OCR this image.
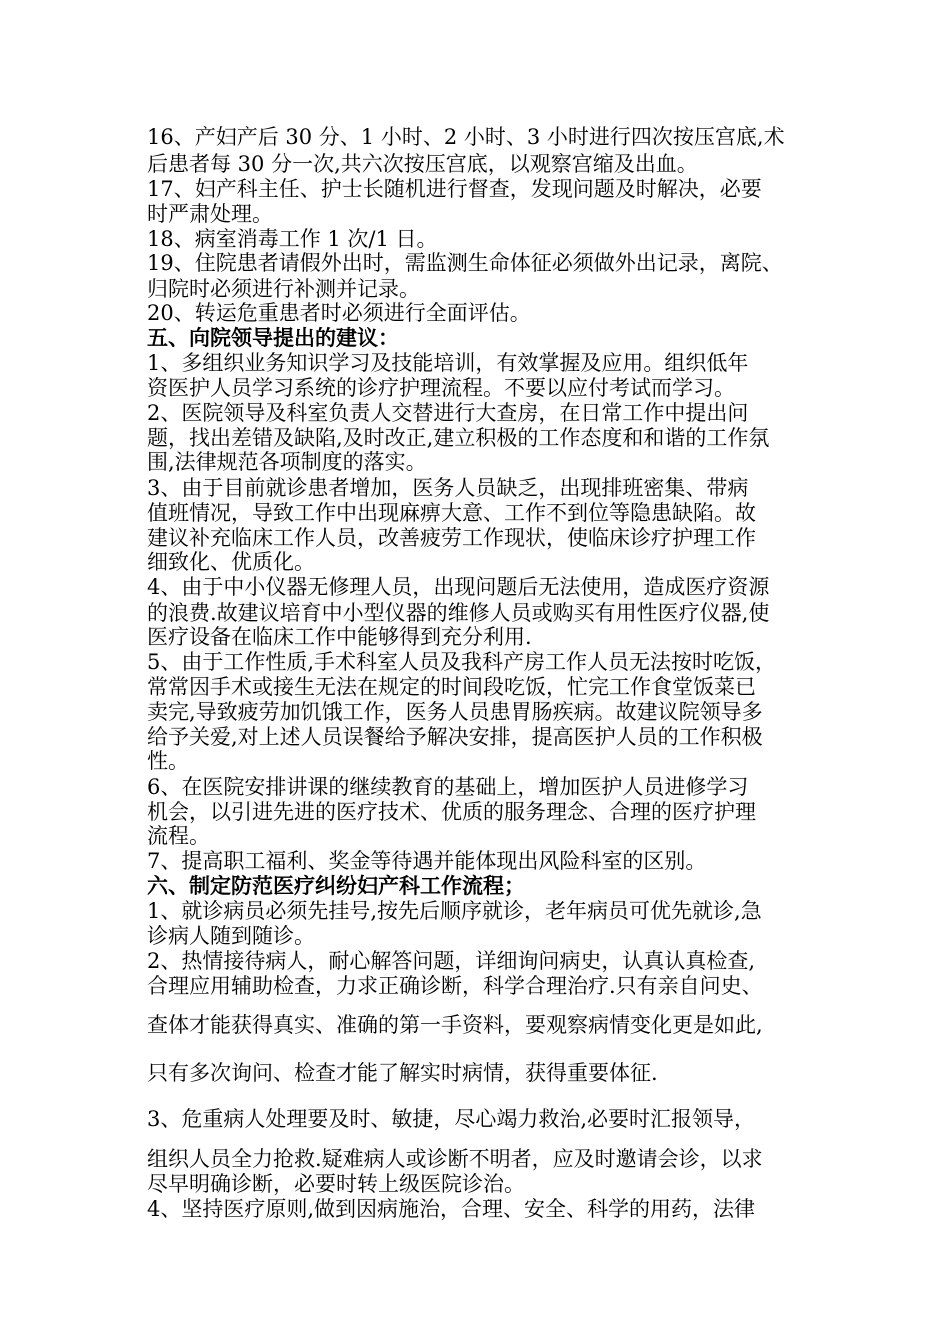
16、产妇产后 30 分、1 小时、2 小时、3 小时进行四次按压宫底,术
后患者每 30 分一次,共六次按压宫底，以观察宫缩及出血。
17、妇产科主任、护士长随机进行督查，发现问题及时解决，必要
时严肃处理。
18、病室消毒工作 1 次/1 日。
19、住院患者请假外出时，需监测生命体征必须做外出记录，离院、
归院时必须进行补测并记录。
20、转运危重患者时必须进行全面评估。
五、向院领导提出的建议：
1、多组织业务知识学习及技能培训，有效掌握及应用。组织低年
资医护人员学习系统的诊疗护理流程。不要以应付考试而学习。
2、医院领导及科室负责人交替进行大查房，在日常工作中提出问
题，找出差错及缺陷,及时改正,建立积极的工作态度和和谐的工作氛
围,法律规范各项制度的落实。
3、由于目前就诊患者增加，医务人员缺乏，出现排班密集、带病
值班情况，导致工作中出现麻痹大意、工作不到位等隐患缺陷。故
建议补充临床工作人员，改善疲劳工作现状，使临床诊疗护理工作
细致化、优质化。
4、由于中小仪器无修理人员，出现问题后无法使用，造成医疗资源
的浪费.故建议培育中小型仪器的维修人员或购买有用性医疗仪器,使
医疗设备在临床工作中能够得到充分利用.
5、由于工作性质,手术科室人员及我科产房工作人员无法按时吃饭，
常常因手术或接生无法在规定的时间段吃饭，忙完工作食堂饭菜已
卖完,导致疲劳加饥饿工作，医务人员患胃肠疾病。故建议院领导多
给予关爱,对上述人员误餐给予解决安排，提高医护人员的工作积极
性。
6、在医院安排讲课的继续教育的基础上，增加医护人员进修学习
机会，以引进先进的医疗技术、优质的服务理念、合理的医疗护理
流程。
7、提高职工福利、奖金等待遇并能体现出风险科室的区别。
六、制定防范医疗纠纷妇产科工作流程；
1、就诊病员必须先挂号,按先后顺序就诊，老年病员可优先就诊,急
诊病人随到随诊。
2、热情接待病人，耐心解答问题，详细询问病史，认真认真检查,
合理应用辅助检查，力求正确诊断，科学合理治疗.只有亲自问史、
查体才能获得真实、准确的第一手资料，要观察病情变化更是如此,
只有多次询问、检查才能了解实时病情，获得重要体征.
3、危重病人处理要及时、敏捷，尽心竭力救治,必要时汇报领导，
组织人员全力抢救.疑难病人或诊断不明者，应及时邀请会诊，以求
尽早明确诊断，必要时转上级医院诊治。
4、坚持医疗原则,做到因病施治，合理、安全、科学的用药，法律
